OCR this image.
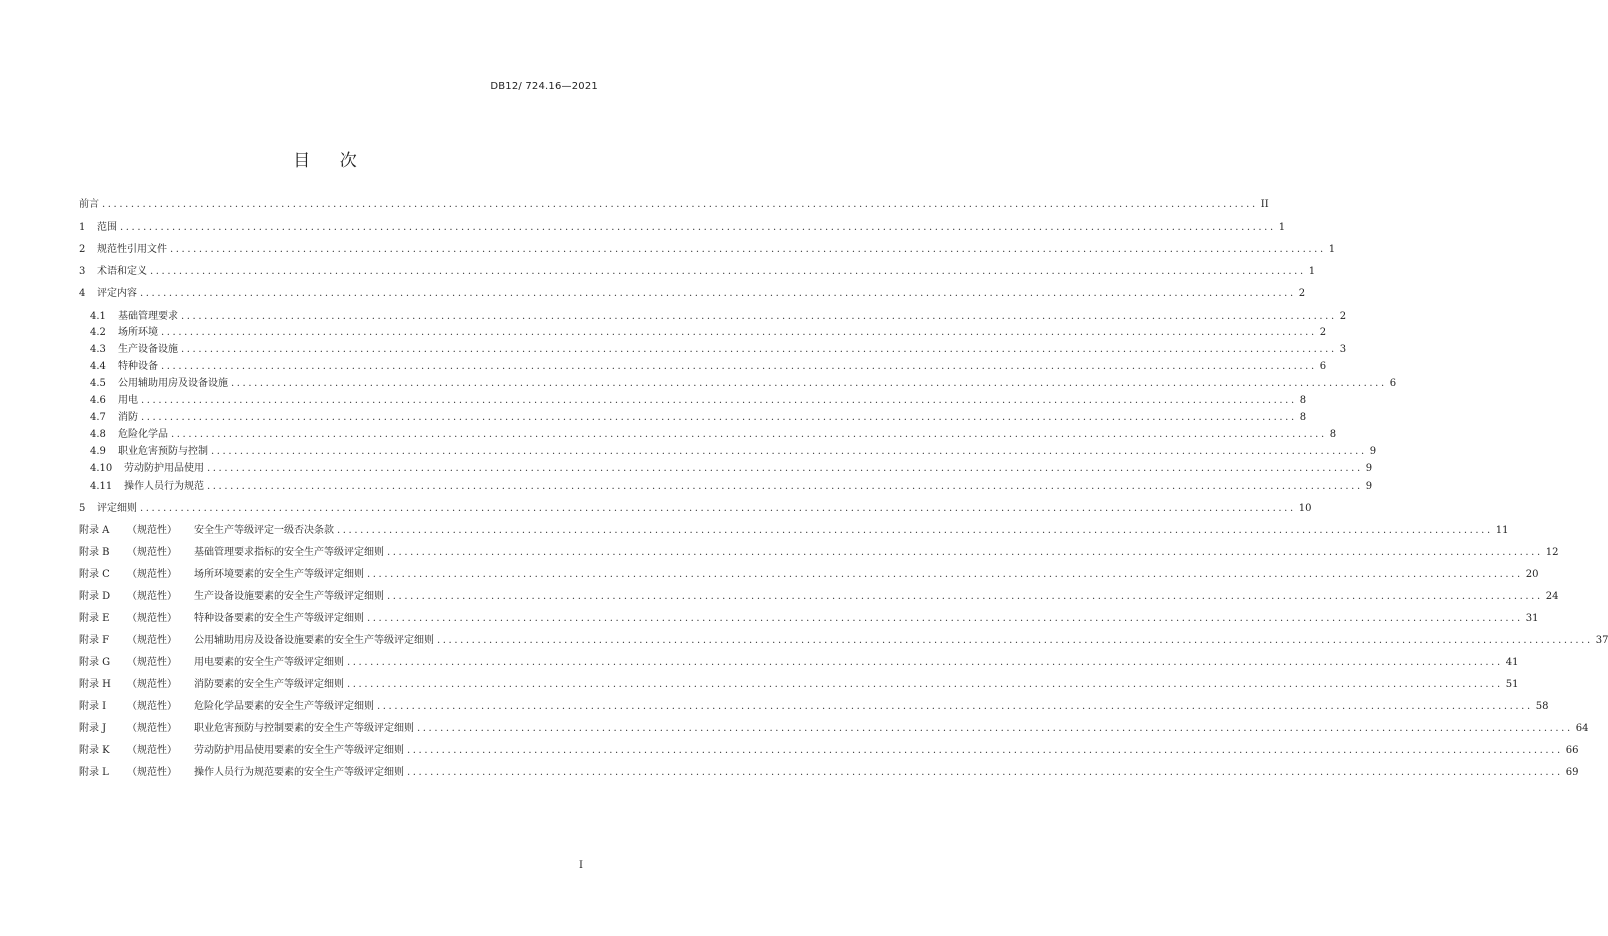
DB12/ 724.16—2021
目 次
前言 ........................................................................................................................................................................................................ II
1	范围 ........................................................................................................................................................................................................ 1
2	规范性引用文件 ........................................................................................................................................................................................................ 1
3	术语和定义 ........................................................................................................................................................................................................ 1
4	评定内容 ........................................................................................................................................................................................................ 2
4.1	基础管理要求 ........................................................................................................................................................................................................ 2
4.2	场所环境 ........................................................................................................................................................................................................ 2
4.3	生产设备设施 ........................................................................................................................................................................................................ 3
4.4	特种设备 ........................................................................................................................................................................................................ 6
4.5	公用辅助用房及设备设施 ........................................................................................................................................................................................................ 6
4.6	用电 ........................................................................................................................................................................................................ 8
4.7	消防 ........................................................................................................................................................................................................ 8
4.8	危险化学品 ........................................................................................................................................................................................................ 8
4.9	职业危害预防与控制 ........................................................................................................................................................................................................ 9
4.10	劳动防护用品使用 ........................................................................................................................................................................................................ 9
4.11	操作人员行为规范 ........................................................................................................................................................................................................ 9
5	评定细则 ........................................................................................................................................................................................................ 10
附录 A	（规范性）	安全生产等级评定一级否决条款 ........................................................................................................................................................................................................ 11
附录 B	（规范性）	基础管理要求指标的安全生产等级评定细则 ........................................................................................................................................................................................................ 12
附录 C	（规范性）	场所环境要素的安全生产等级评定细则 ........................................................................................................................................................................................................ 20
附录 D	（规范性）	生产设备设施要素的安全生产等级评定细则 ........................................................................................................................................................................................................ 24
附录 E	（规范性）	特种设备要素的安全生产等级评定细则 ........................................................................................................................................................................................................ 31
附录 F	（规范性）	公用辅助用房及设备设施要素的安全生产等级评定细则 ........................................................................................................................................................................................................ 37
附录 G	（规范性）	用电要素的安全生产等级评定细则 ........................................................................................................................................................................................................ 41
附录 H	（规范性）	消防要素的安全生产等级评定细则 ........................................................................................................................................................................................................ 51
附录 I	（规范性）	危险化学品要素的安全生产等级评定细则 ........................................................................................................................................................................................................ 58
附录 J	（规范性）	职业危害预防与控制要素的安全生产等级评定细则 ........................................................................................................................................................................................................ 64
附录 K	（规范性）	劳动防护用品使用要素的安全生产等级评定细则 ........................................................................................................................................................................................................ 66
附录 L	（规范性）	操作人员行为规范要素的安全生产等级评定细则 ........................................................................................................................................................................................................ 69
I
